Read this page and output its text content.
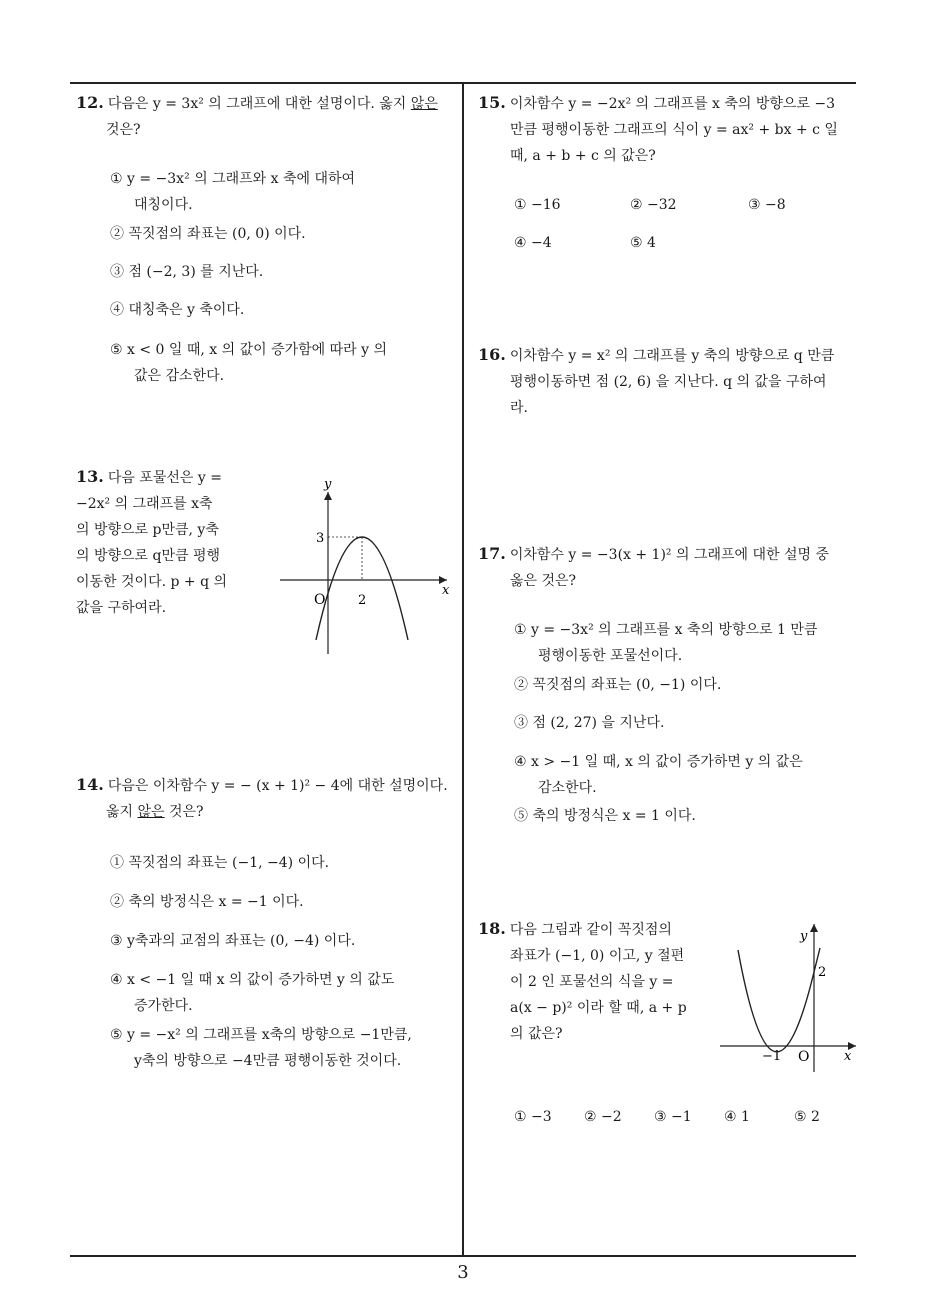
12. 다음은 y = 3x² 의 그래프에 대한 설명이다. 옳지 않은
것은?
① y = −3x² 의 그래프와 x 축에 대하여
대칭이다.
② 꼭짓점의 좌표는 (0, 0) 이다.
③ 점 (−2, 3) 를 지난다.
④ 대칭축은 y 축이다.
⑤ x < 0 일 때, x 의 값이 증가함에 따라 y 의
값은 감소한다.
13. 다음 포물선은 y =
−2x² 의 그래프를 x축
의 방향으로 p만큼, y축
의 방향으로 q만큼 평행
이동한 것이다. p + q 의
값을 구하여라.
y
x
O
3
2
14. 다음은 이차함수 y = − (x + 1)² − 4에 대한 설명이다.
옳지 않은 것은?
① 꼭짓점의 좌표는 (−1, −4) 이다.
② 축의 방정식은 x = −1 이다.
③ y축과의 교점의 좌표는 (0, −4) 이다.
④ x < −1 일 때 x 의 값이 증가하면 y 의 값도
증가한다.
⑤ y = −x² 의 그래프를 x축의 방향으로 −1만큼,
y축의 방향으로 −4만큼 평행이동한 것이다.
15. 이차함수 y = −2x² 의 그래프를 x 축의 방향으로 −3
만큼 평행이동한 그래프의 식이 y = ax² + bx + c 일
때, a + b + c 의 값은?
① −16	② −32	③ −8
④ −4	⑤ 4
16. 이차함수 y = x² 의 그래프를 y 축의 방향으로 q 만큼
평행이동하면 점 (2, 6) 을 지난다. q 의 값을 구하여
라.
17. 이차함수 y = −3(x + 1)² 의 그래프에 대한 설명 중
옳은 것은?
① y = −3x² 의 그래프를 x 축의 방향으로 1 만큼
평행이동한 포물선이다.
② 꼭짓점의 좌표는 (0, −1) 이다.
③ 점 (2, 27) 을 지난다.
④ x > −1 일 때, x 의 값이 증가하면 y 의 값은
감소한다.
⑤ 축의 방정식은 x = 1 이다.
18. 다음 그림과 같이 꼭짓점의
좌표가 (−1, 0) 이고, y 절편
이 2 인 포물선의 식을 y =
a(x − p)² 이라 할 때, a + p
의 값은?
y
x
O
2
−1
① −3 ② −2 ③ −1 ④ 1	⑤ 2
3
